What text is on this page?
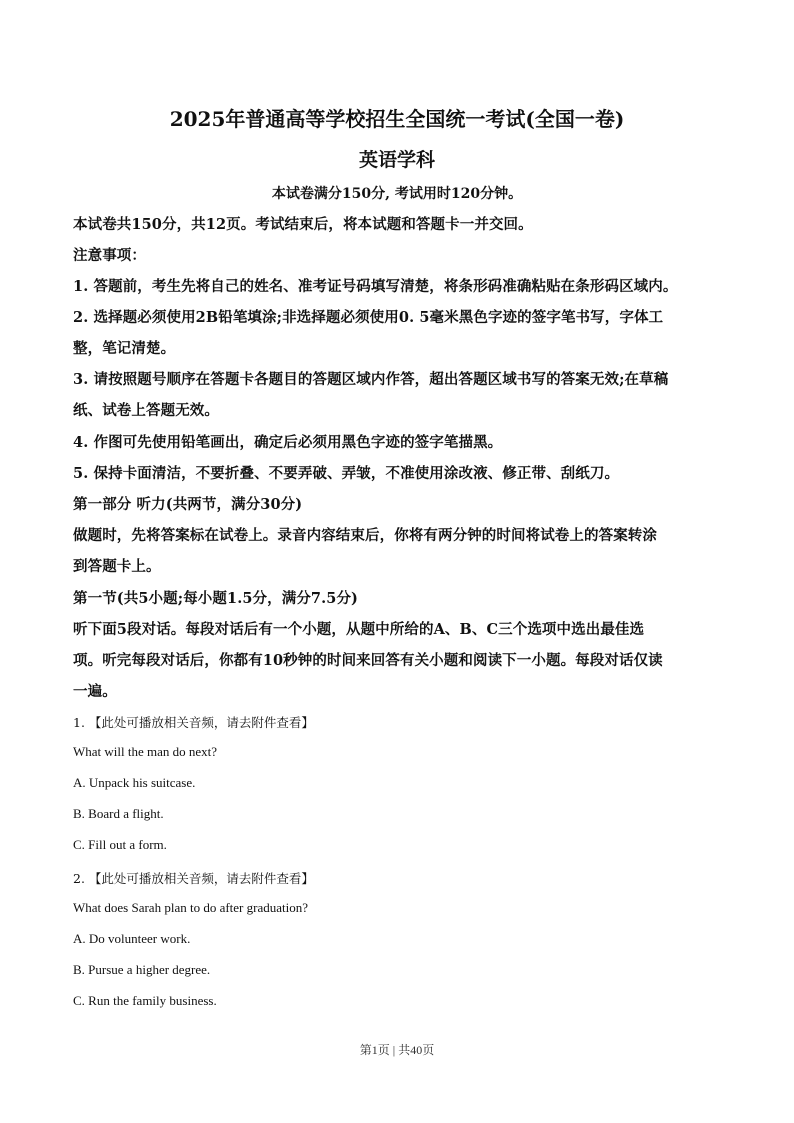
2025年普通高等学校招生全国统一考试(全国一卷)
英语学科
本试卷满分150分, 考试用时120分钟。
本试卷共150分，共12页。考试结束后，将本试题和答题卡一并交回。
注意事项：
1. 答题前，考生先将自己的姓名、准考证号码填写清楚，将条形码准确粘贴在条形码区域内。
2. 选择题必须使用2B铅笔填涂;非选择题必须使用0. 5毫米黑色字迹的签字笔书写，字体工
整，笔记清楚。
3. 请按照题号顺序在答题卡各题目的答题区域内作答，超出答题区域书写的答案无效;在草稿
纸、试卷上答题无效。
4. 作图可先使用铅笔画出，确定后必须用黑色字迹的签字笔描黑。
5. 保持卡面清洁，不要折叠、不要弄破、弄皱，不准使用涂改液、修正带、刮纸刀。
第一部分 听力(共两节，满分30分)
做题时，先将答案标在试卷上。录音内容结束后，你将有两分钟的时间将试卷上的答案转涂
到答题卡上。
第一节(共5小题;每小题1.5分，满分7.5分)
听下面5段对话。每段对话后有一个小题，从题中所给的A、B、C三个选项中选出最佳选
项。听完每段对话后，你都有10秒钟的时间来回答有关小题和阅读下一小题。每段对话仅读
一遍。
1. 【此处可播放相关音频，请去附件查看】
What will the man do next?
A. Unpack his suitcase.
B. Board a flight.
C. Fill out a form.
2. 【此处可播放相关音频，请去附件查看】
What does Sarah plan to do after graduation?
A. Do volunteer work.
B. Pursue a higher degree.
C. Run the family business.
第1页 | 共40页
